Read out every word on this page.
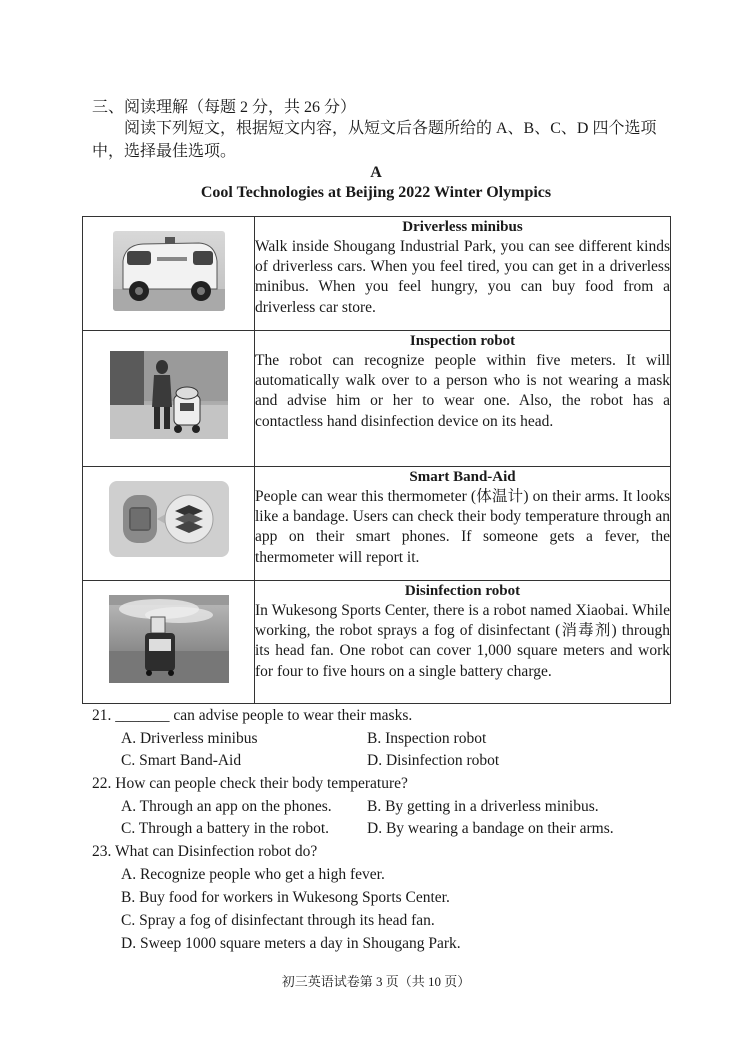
三、阅读理解（每题 2 分，共 26 分）
阅读下列短文，根据短文内容，从短文后各题所给的 A、B、C、D 四个选项中，选择最佳选项。
A
Cool Technologies at Beijing 2022 Winter Olympics

Driverless minibus
Walk inside Shougang Industrial Park, you can see different kinds of driverless cars. When you feel tired, you can get in a driverless minibus. When you feel hungry, you can buy food from a driverless car store.

Inspection robot
The robot can recognize people within five meters. It will automatically walk over to a person who is not wearing a mask and advise him or her to wear one. Also, the robot has a contactless hand disinfection device on its head.

Smart Band-Aid
People can wear this thermometer (体温计) on their arms. It looks like a bandage. Users can check their body temperature through an app on their smart phones. If someone gets a fever, the thermometer will report it.

Disinfection robot
In Wukesong Sports Center, there is a robot named Xiaobai. While working, the robot sprays a fog of disinfectant (消毒剂) through its head fan. One robot can cover 1,000 square meters and work for four to five hours on a single battery charge.
21. _______ can advise people to wear their masks.
A. Driverless minibus	B. Inspection robot
C. Smart Band-Aid	D. Disinfection robot
22. How can people check their body temperature?
A. Through an app on the phones. B. By getting in a driverless minibus.
C. Through a battery in the robot. D. By wearing a bandage on their arms.
23. What can Disinfection robot do?
A. Recognize people who get a high fever.
B. Buy food for workers in Wukesong Sports Center.
C. Spray a fog of disinfectant through its head fan.
D. Sweep 1000 square meters a day in Shougang Park.
初三英语试卷第 3 页（共 10 页）
